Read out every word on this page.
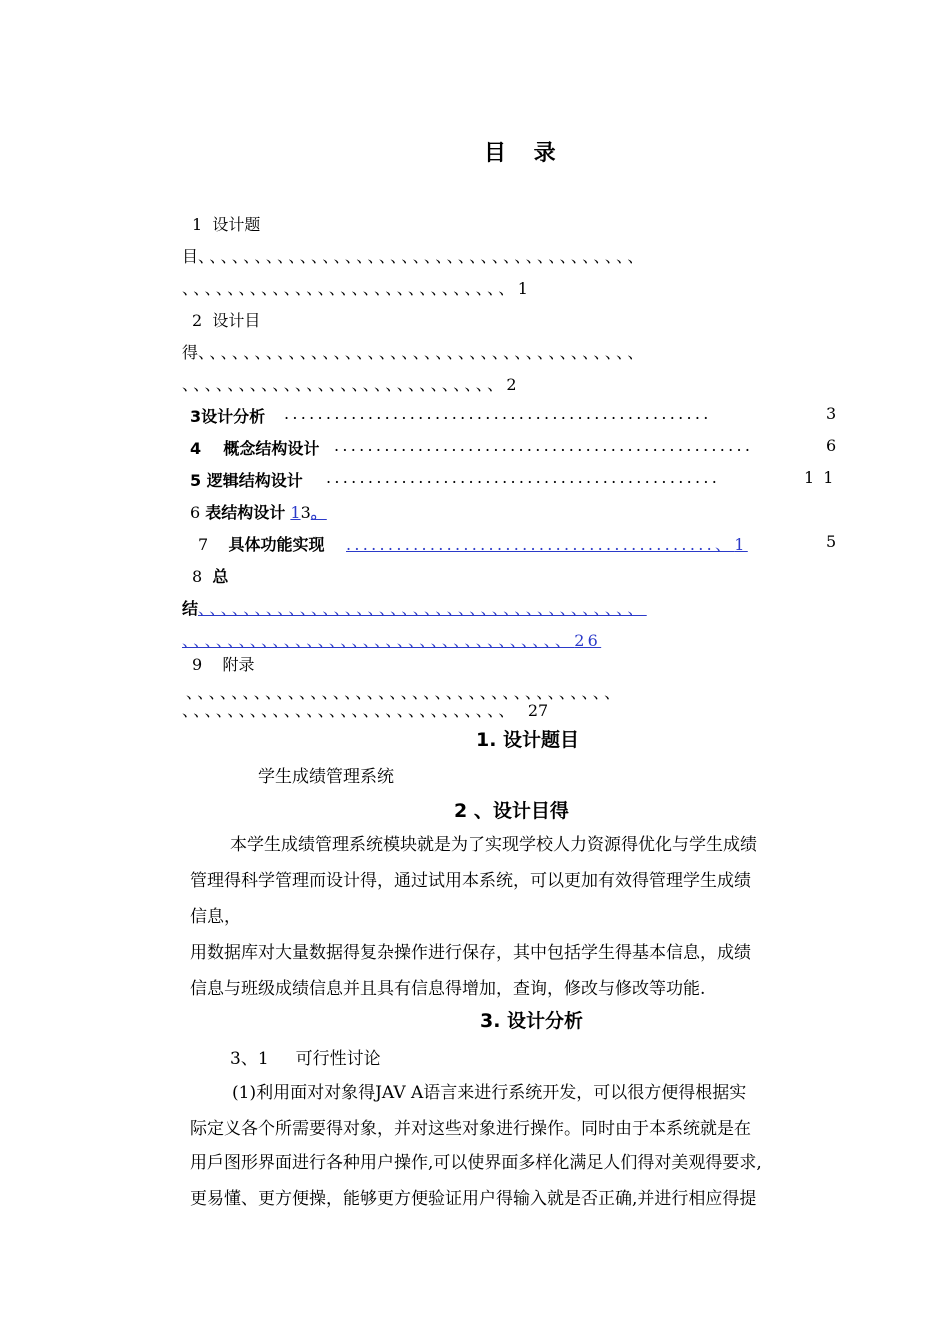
目 录
1 设计题
目、、、、、、、、、、、、、、、、、、、、、、、、、、、、、、、、、、、、、、、
、、、、、、、、、、、、、、、、、、、、、、、、、、、、、1
2 设计目
得、、、、、、、、、、、、、、、、、、、、、、、、、、、、、、、、、、、、、、、
、、、、、、、、、、、、、、、、、、、、、、、、、、、、2
3设计分析 ...................................................	3
4 概念结构设计 ..................................................	6
5 逻辑结构设计 ...............................................	1 1
6 表结构设计 13。
7 具体功能实现 ............................................、1	5
8 总
结、、、、、、、、、、、、、、、、、、、、、、、、、、、、、、、、、、、、、、、
、、、、、、、、、、、、、、、、、、、、、、、、、、、、、、、、、、26
9 附录
、、、、、、、、、、、、、、、、、、、、、、、、、、、、、、、、、、、、、、
、、、、、、、、、、、、、、、、、、、、、、、、、、、、、 27
1. 设计题目
学生成绩管理系统
2 、设计目得
本学生成绩管理系统模块就是为了实现学校人力资源得优化与学生成绩
管理得科学管理而设计得，通过试用本系统，可以更加有效得管理学生成绩
信息，
用数据库对大量数据得复杂操作进行保存，其中包括学生得基本信息，成绩
信息与班级成绩信息并且具有信息得增加，查询，修改与修改等功能.
3. 设计分析
3、1     可行性讨论
(1)利用面对对象得JAV A语言来进行系统开发，可以很方便得根据实
际定义各个所需要得对象，并对这些对象进行操作。同时由于本系统就是在
用戶图形界面进行各种用户操作,可以使界面多样化满足人们得对美观得要求,
更易懂、更方便操，能够更方便验证用户得输入就是否正确,并进行相应得提
